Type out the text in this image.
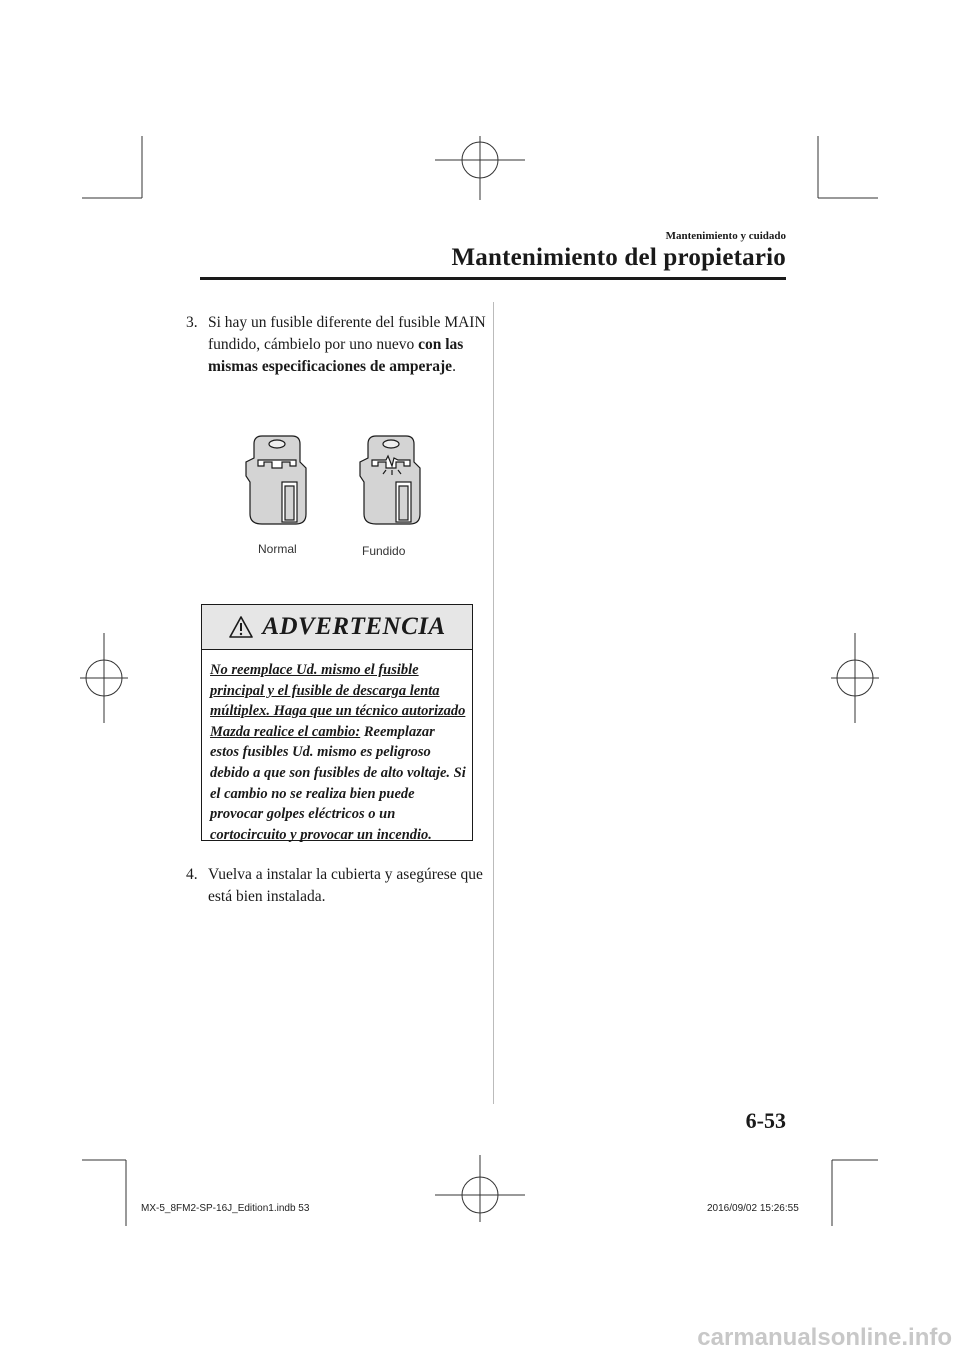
Mantenimiento y cuidado
Mantenimiento del propietario
3. Si hay un fusible diferente del fusible MAIN fundido, cámbielo por uno nuevo con las mismas especificaciones de amperaje.
Normal	Fundido
ADVERTENCIA
No reemplace Ud. mismo el fusible principal y el fusible de descarga lenta múltiplex. Haga que un técnico autorizado Mazda realice el cambio: Reemplazar estos fusibles Ud. mismo es peligroso debido a que son fusibles de alto voltaje. Si el cambio no se realiza bien puede provocar golpes eléctricos o un cortocircuito y provocar un incendio.
4. Vuelva a instalar la cubierta y asegúrese que está bien instalada.
6-53
MX-5_8FM2-SP-16J_Edition1.indb 53	2016/09/02 15:26:55
carmanualsonline.info
